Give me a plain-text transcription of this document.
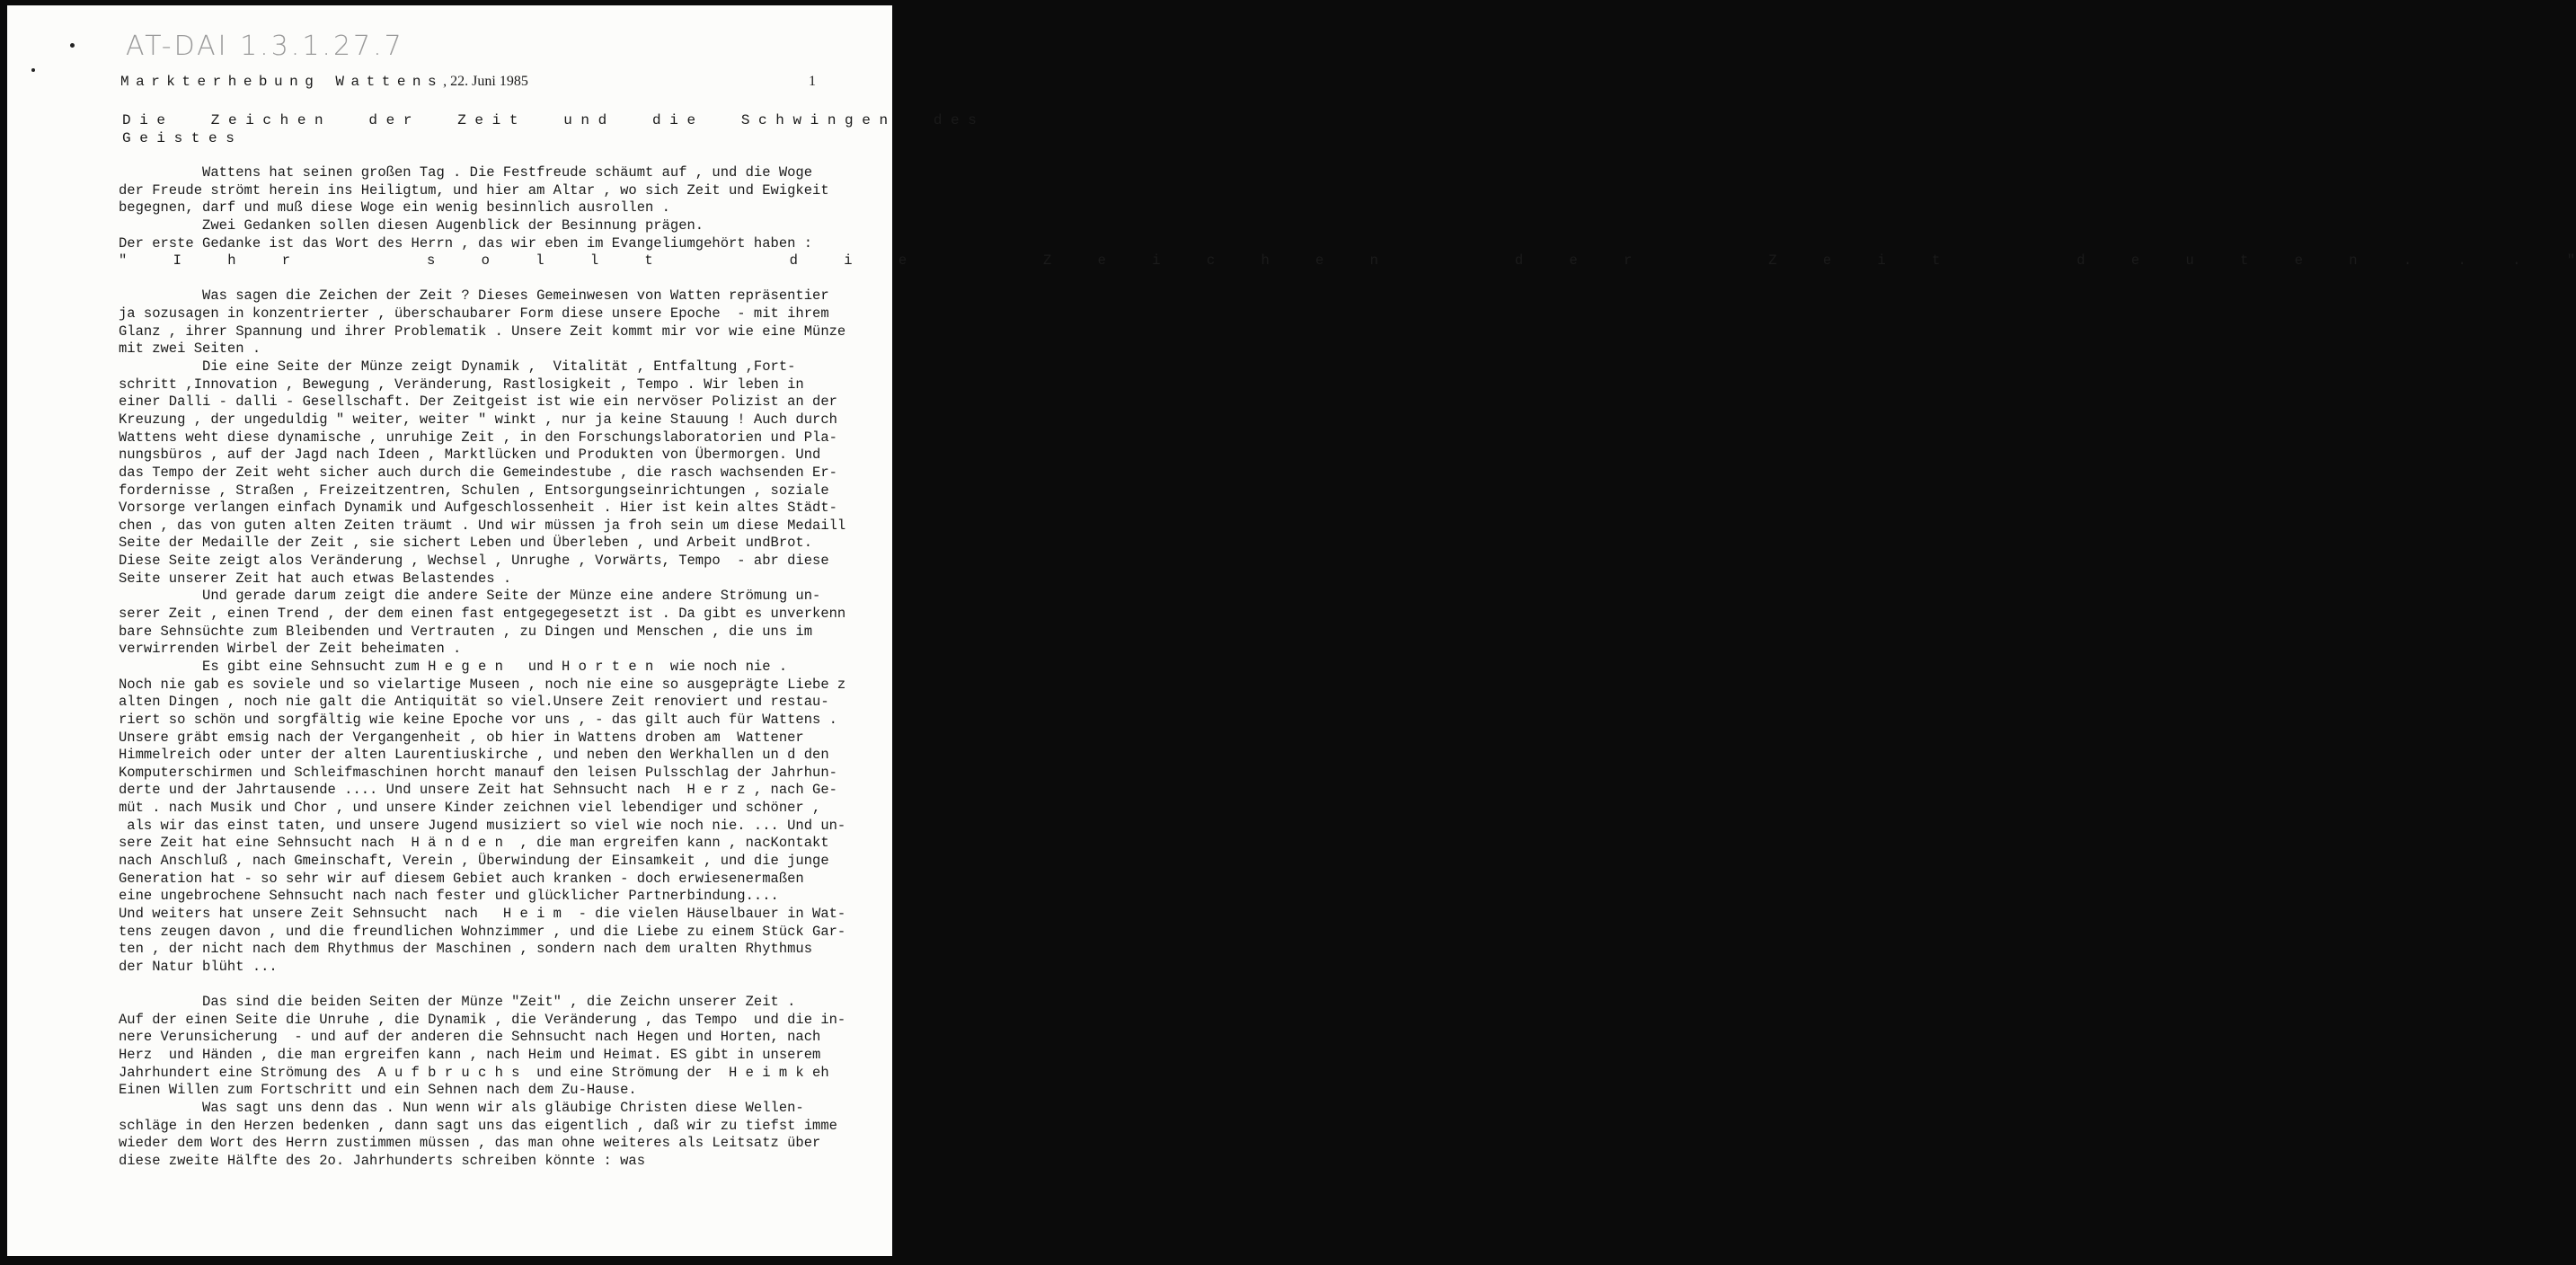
AT-DAI 1.3.1.27.7
Markterhebung Wattens, 22. Juni 1985	1
Die Zeichen der Zeit und die Schwingen des
Geistes
Wattens hat seinen großen Tag . Die Festfreude schäumt auf , und die Woge
der Freude strömt herein ins Heiligtum, und hier am Altar , wo sich Zeit und Ewigkeit
begegnen, darf und muß diese Woge ein wenig besinnlich ausrollen .
Zwei Gedanken sollen diesen Augenblick der Besinnung prägen.
Der erste Gedanke ist das Wort des Herrn , das wir eben im Evangeliumgehört haben :
" I h r   s o l l t   d i e   Z e i c h e n   d e r   Z e i t   d e u t e n . . . "
Was sagen die Zeichen der Zeit ? Dieses Gemeinwesen von Watten repräsentier
ja sozusagen in konzentrierter , überschaubarer Form diese unsere Epoche  - mit ihrem
Glanz , ihrer Spannung und ihrer Problematik . Unsere Zeit kommt mir vor wie eine Münze
mit zwei Seiten .
Die eine Seite der Münze zeigt Dynamik ,  Vitalität , Entfaltung ,Fort-
schritt ,Innovation , Bewegung , Veränderung, Rastlosigkeit , Tempo . Wir leben in
einer Dalli - dalli - Gesellschaft. Der Zeitgeist ist wie ein nervöser Polizist an der
Kreuzung , der ungeduldig " weiter, weiter " winkt , nur ja keine Stauung ! Auch durch
Wattens weht diese dynamische , unruhige Zeit , in den Forschungslaboratorien und Pla-
nungsbüros , auf der Jagd nach Ideen , Marktlücken und Produkten von Übermorgen. Und
das Tempo der Zeit weht sicher auch durch die Gemeindestube , die rasch wachsenden Er-
fordernisse , Straßen , Freizeitzentren, Schulen , Entsorgungseinrichtungen , soziale
Vorsorge verlangen einfach Dynamik und Aufgeschlossenheit . Hier ist kein altes Städt-
chen , das von guten alten Zeiten träumt . Und wir müssen ja froh sein um diese Medaill
Seite der Medaille der Zeit , sie sichert Leben und Überleben , und Arbeit undBrot.
Diese Seite zeigt alos Veränderung , Wechsel , Unrughe , Vorwärts, Tempo  - abr diese
Seite unserer Zeit hat auch etwas Belastendes .
Und gerade darum zeigt die andere Seite der Münze eine andere Strömung un-
serer Zeit , einen Trend , der dem einen fast entgegegesetzt ist . Da gibt es unverkenn
bare Sehnsüchte zum Bleibenden und Vertrauten , zu Dingen und Menschen , die uns im
verwirrenden Wirbel der Zeit beheimaten .
Es gibt eine Sehnsucht zum H e g e n   und H o r t e n  wie noch nie .
Noch nie gab es soviele und so vielartige Museen , noch nie eine so ausgeprägte Liebe z
alten Dingen , noch nie galt die Antiquität so viel.Unsere Zeit renoviert und restau-
riert so schön und sorgfältig wie keine Epoche vor uns , - das gilt auch für Wattens .
Unsere gräbt emsig nach der Vergangenheit , ob hier in Wattens droben am  Wattener
Himmelreich oder unter der alten Laurentiuskirche , und neben den Werkhallen un d den
Komputerschirmen und Schleifmaschinen horcht manauf den leisen Pulsschlag der Jahrhun-
derte und der Jahrtausende .... Und unsere Zeit hat Sehnsucht nach  H e r z , nach Ge-
müt . nach Musik und Chor , und unsere Kinder zeichnen viel lebendiger und schöner ,
als wir das einst taten, und unsere Jugend musiziert so viel wie noch nie. ... Und un-
sere Zeit hat eine Sehnsucht nach  H ä n d e n  , die man ergreifen kann , nacKontakt
nach Anschluß , nach Gmeinschaft, Verein , Überwindung der Einsamkeit , und die junge
Generation hat - so sehr wir auf diesem Gebiet auch kranken - doch erwiesenermaßen
eine ungebrochene Sehnsucht nach nach fester und glücklicher Partnerbindung....
Und weiters hat unsere Zeit Sehnsucht  nach   H e i m  - die vielen Häuselbauer in Wat-
tens zeugen davon , und die freundlichen Wohnzimmer , und die Liebe zu einem Stück Gar-
ten , der nicht nach dem Rhythmus der Maschinen , sondern nach dem uralten Rhythmus
der Natur blüht ...
Das sind die beiden Seiten der Münze "Zeit" , die Zeichn unserer Zeit .
Auf der einen Seite die Unruhe , die Dynamik , die Veränderung , das Tempo  und die in-
nere Verunsicherung  - und auf der anderen die Sehnsucht nach Hegen und Horten, nach
Herz  und Händen , die man ergreifen kann , nach Heim und Heimat. ES gibt in unserem
Jahrhundert eine Strömung des  A u f b r u c h s  und eine Strömung der  H e i m k eh
Einen Willen zum Fortschritt und ein Sehnen nach dem Zu-Hause.
Was sagt uns denn das . Nun wenn wir als gläubige Christen diese Wellen-
schläge in den Herzen bedenken , dann sagt uns das eigentlich , daß wir zu tiefst imme
wieder dem Wort des Herrn zustimmen müssen , das man ohne weiteres als Leitsatz über
diese zweite Hälfte des 2o. Jahrhunderts schreiben könnte : was
